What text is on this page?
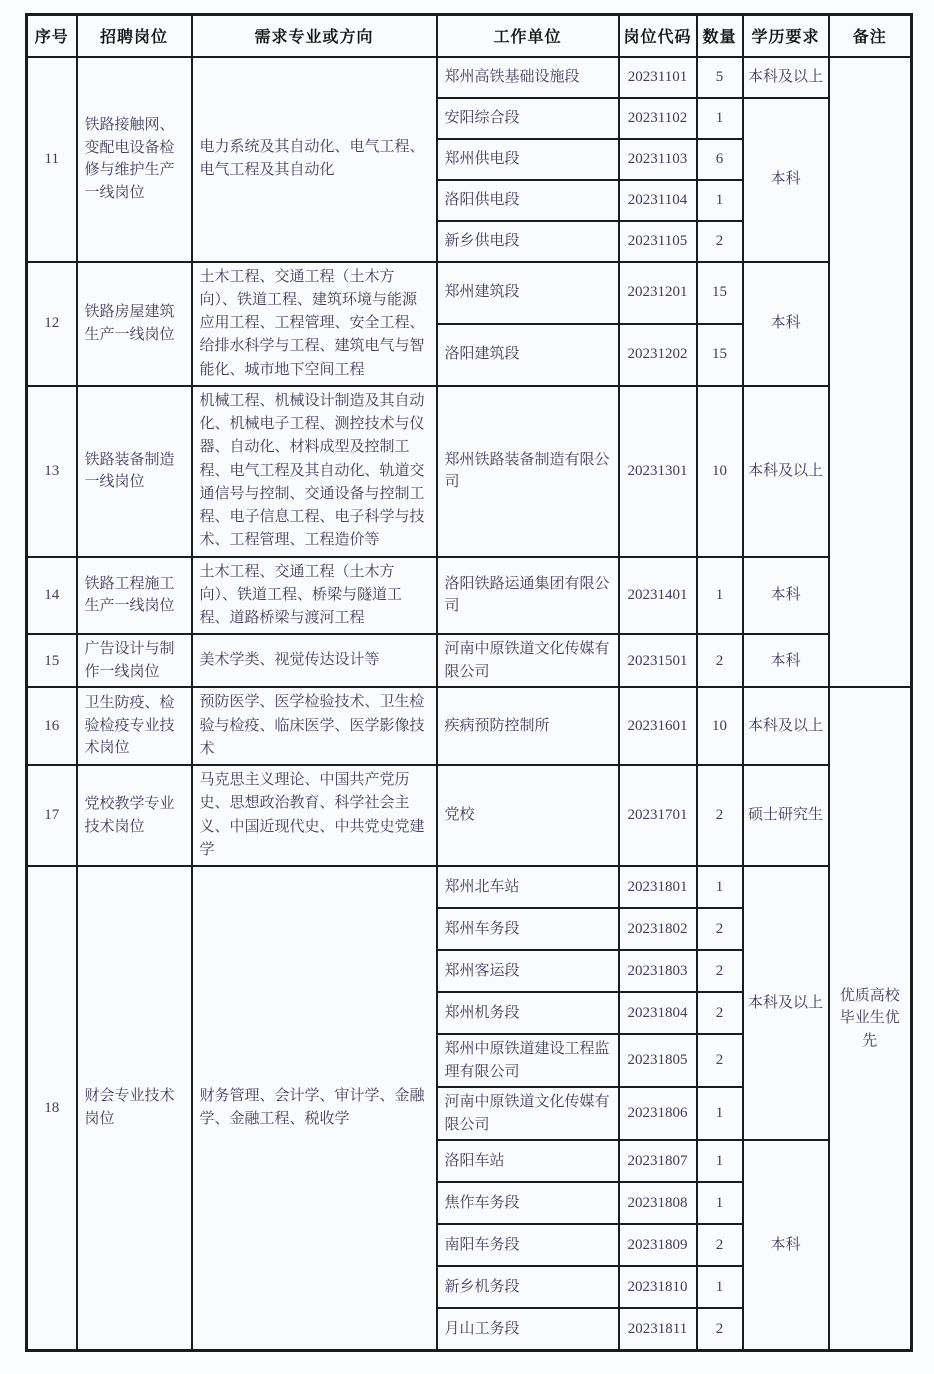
序号	招聘岗位	需求专业或方向	工作单位	岗位代码	数量	学历要求	备注
11	铁路接触网、变配电设备检修与维护生产一线岗位	电力系统及其自动化、电气工程、电气工程及其自动化	郑州高铁基础设施段	20231101	5	本科及以上	
			安阳综合段	20231102	1	本科	
			郑州供电段	20231103	6		
			洛阳供电段	20231104	1		
			新乡供电段	20231105	2		
12	铁路房屋建筑生产一线岗位	土木工程、交通工程（土木方向）、铁道工程、建筑环境与能源应用工程、工程管理、安全工程、给排水科学与工程、建筑电气与智能化、城市地下空间工程	郑州建筑段	20231201	15	本科	
			洛阳建筑段	20231202	15		
13	铁路装备制造一线岗位	机械工程、机械设计制造及其自动化、机械电子工程、测控技术与仪器、自动化、材料成型及控制工程、电气工程及其自动化、轨道交通信号与控制、交通设备与控制工程、电子信息工程、电子科学与技术、工程管理、工程造价等	郑州铁路装备制造有限公司	20231301	10	本科及以上	
14	铁路工程施工生产一线岗位	土木工程、交通工程（土木方向）、铁道工程、桥梁与隧道工程、道路桥梁与渡河工程	洛阳铁路运通集团有限公司	20231401	1	本科	
15	广告设计与制作一线岗位	美术学类、视觉传达设计等	河南中原铁道文化传媒有限公司	20231501	2	本科	
16	卫生防疫、检验检疫专业技术岗位	预防医学、医学检验技术、卫生检验与检疫、临床医学、医学影像技术	疾病预防控制所	20231601	10	本科及以上	优质高校毕业生优先
17	党校教学专业技术岗位	马克思主义理论、中国共产党历史、思想政治教育、科学社会主义、中国近现代史、中共党史党建学	党校	20231701	2	硕士研究生	
18	财会专业技术岗位	财务管理、会计学、审计学、金融学、金融工程、税收学	郑州北车站	20231801	1	本科及以上	
			郑州车务段	20231802	2		
			郑州客运段	20231803	2		
			郑州机务段	20231804	2		
			郑州中原铁道建设工程监理有限公司	20231805	2		
			河南中原铁道文化传媒有限公司	20231806	1		
			洛阳车站	20231807	1	本科	
			焦作车务段	20231808	1		
			南阳车务段	20231809	2		
			新乡机务段	20231810	1		
			月山工务段	20231811	2		
